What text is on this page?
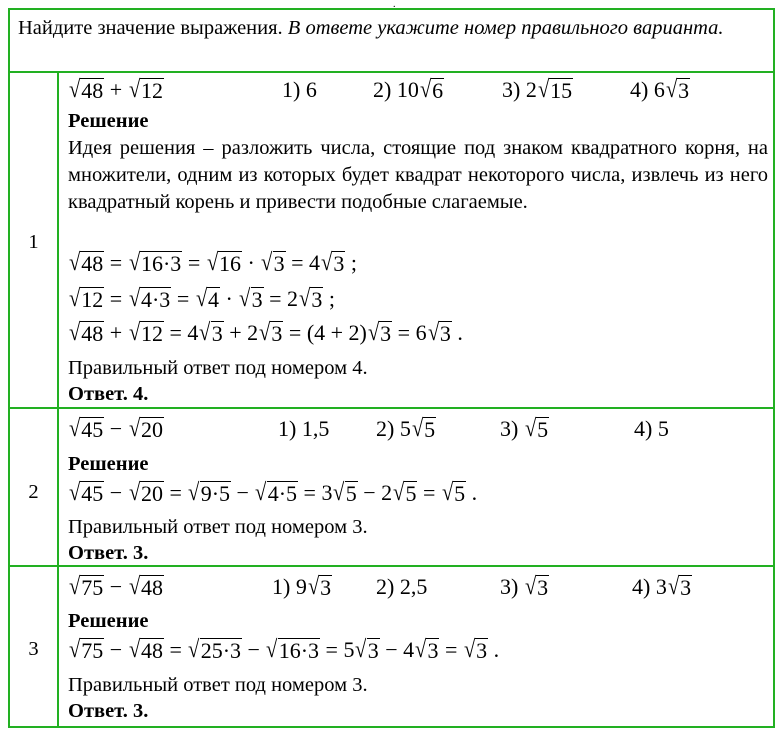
.
Найдите значение выражения. В ответе укажите номер правильного варианта.
1
√ 48 + √ 12	1) 6	2) 10 √ 6	3) 2 √ 15	4) 6 √ 3
Решение
Идея решения – разложить числа, стоящие под знаком квадратного корня, на множители, одним из которых будет квадрат некоторого числа, извлечь из него квадратный корень и привести подобные слагаемые.
√ 48 = √ 16·3 = √ 16 · √ 3 = 4 √ 3 ;
√ 12 = √ 4·3 = √ 4 · √ 3 = 2 √ 3 ;
√ 48 + √ 12 = 4 √ 3 + 2 √ 3 = (4 + 2) √ 3 = 6 √ 3 .
Правильный ответ под номером 4.
Ответ. 4.
2
√ 45 − √ 20	1) 1,5 2) 5 √ 5	3) √ 5	4) 5
Решение
√ 45 − √ 20 = √ 9·5 − √ 4·5 = 3 √ 5 − 2 √ 5 = √ 5 .
Правильный ответ под номером 3.
Ответ. 3.
3
√ 75 − √ 48	1) 9 √ 3 2) 2,5	3) √ 3	4) 3 √ 3
Решение
√ 75 − √ 48 = √ 25·3 − √ 16·3 = 5 √ 3 − 4 √ 3 = √ 3 .
Правильный ответ под номером 3.
Ответ. 3.
